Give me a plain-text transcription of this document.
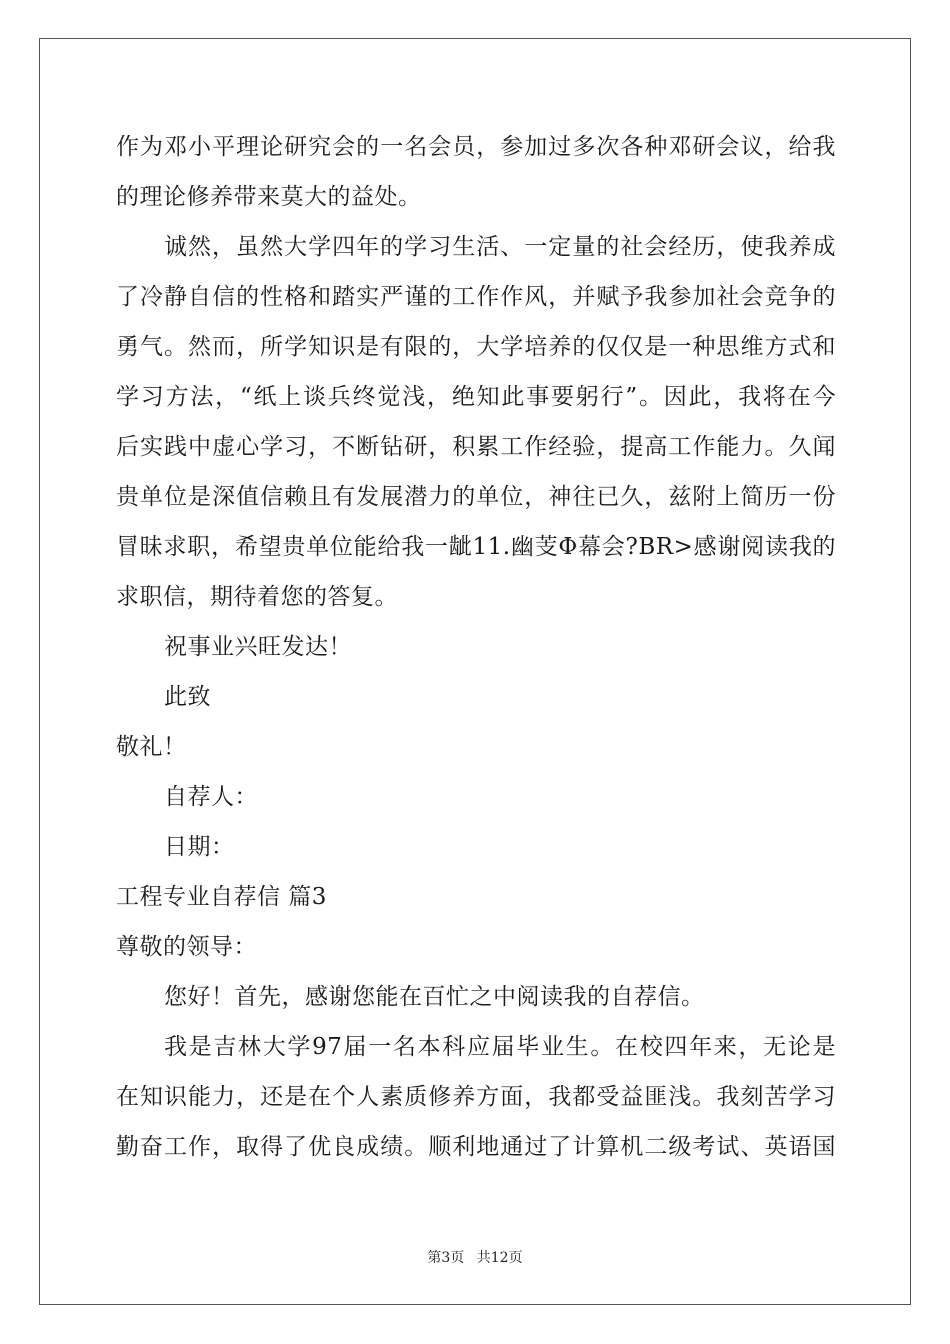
作为邓小平理论研究会的一名会员，参加过多次各种邓研会议，给我
的理论修养带来莫大的益处。
诚然，虽然大学四年的学习生活、一定量的社会经历，使我养成
了冷静自信的性格和踏实严谨的工作作风，并赋予我参加社会竞争的
勇气。然而，所学知识是有限的，大学培养的仅仅是一种思维方式和
学习方法，“纸上谈兵终觉浅，绝知此事要躬行”。因此，我将在今
后实践中虚心学习，不断钻研，积累工作经验，提高工作能力。久闻
贵单位是深值信赖且有发展潜力的单位，神往已久，兹附上简历一份
冒昧求职，希望贵单位能给我一龇11.幽芰Φ幕会?BR>感谢阅读我的
求职信，期待着您的答复。
祝事业兴旺发达！
此致
敬礼！
自荐人：
日期：
工程专业自荐信 篇3
尊敬的领导：
您好！首先，感谢您能在百忙之中阅读我的自荐信。
我是吉林大学97届一名本科应届毕业生。在校四年来，无论是
在知识能力，还是在个人素质修养方面，我都受益匪浅。我刻苦学习
勤奋工作，取得了优良成绩。顺利地通过了计算机二级考试、英语国
第3页 共12页
